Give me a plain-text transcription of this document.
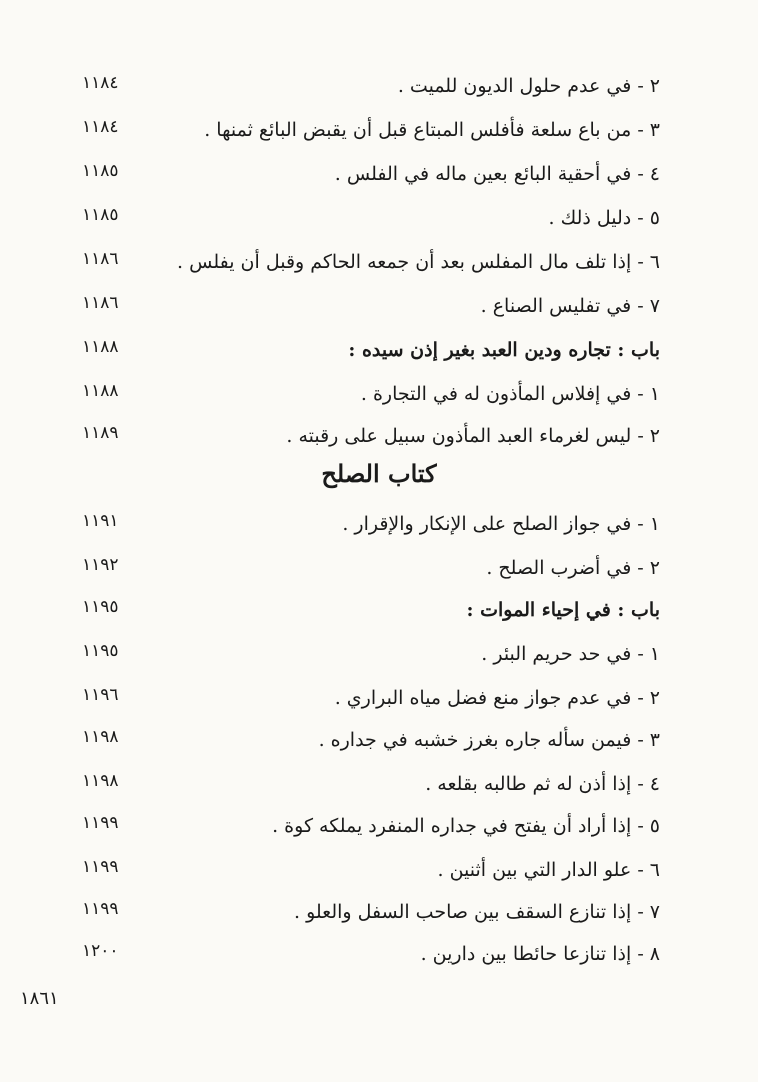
٢ - في عدم حلول الديون للميت .
١١٨٤
٣ - من باع سلعة فأفلس المبتاع قبل أن يقبض البائع ثمنها .
١١٨٤
٤ - في أحقية البائع بعين ماله في الفلس .
١١٨٥
٥ - دليل ذلك .
١١٨٥
٦ - إذا تلف مال المفلس بعد أن جمعه الحاكم وقبل أن يفلس .
١١٨٦
٧ - في تفليس الصناع .
١١٨٦
باب : تجاره ودين العبد بغير إذن سيده :
١١٨٨
١ - في إفلاس المأذون له في التجارة .
١١٨٨
٢ - ليس لغرماء العبد المأذون سبيل على رقبته .
١١٨٩
كتاب الصلح
١ - في جواز الصلح على الإنكار والإقرار .
١١٩١
٢ - في أضرب الصلح .
١١٩٢
باب : في إحياء الموات :
١١٩٥
١ - في حد حريم البئر .
١١٩٥
٢ - في عدم جواز منع فضل مياه البراري .
١١٩٦
٣ - فيمن سأله جاره بغرز خشبه في جداره .
١١٩٨
٤ - إذا أذن له ثم طالبه بقلعه .
١١٩٨
٥ - إذا أراد أن يفتح في جداره المنفرد يملكه كوة .
١١٩٩
٦ - علو الدار التي بين أثنين .
١١٩٩
٧ - إذا تنازع السقف بين صاحب السفل والعلو .
١١٩٩
٨ - إذا تنازعا حائطا بين دارين .
١٢٠٠
١٨٦١
